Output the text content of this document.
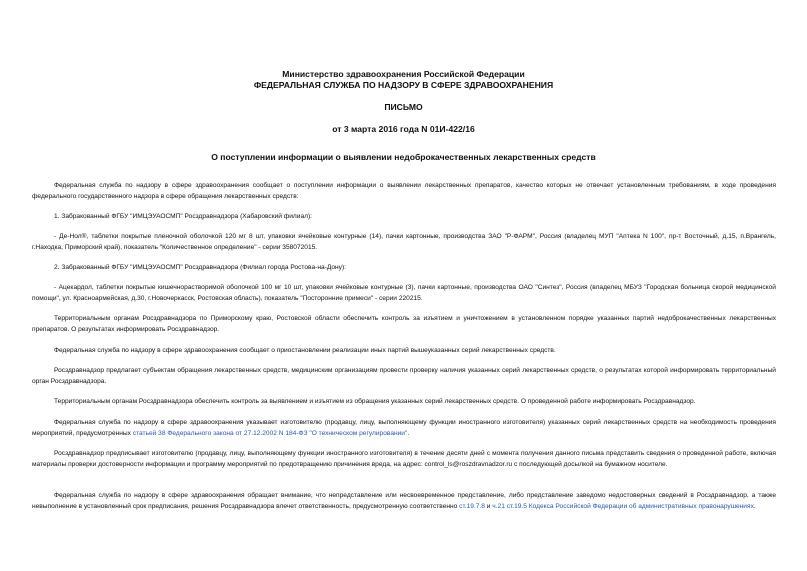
Министерство здравоохранения Российской Федерации
ФЕДЕРАЛЬНАЯ СЛУЖБА ПО НАДЗОРУ В СФЕРЕ ЗДРАВООХРАНЕНИЯ
ПИСЬМО
от 3 марта 2016 года N 01И-422/16
О поступлении информации о выявлении недоброкачественных лекарственных средств

Федеральная служба по надзору в сфере здравоохранения сообщает о поступлении информации о выявлении лекарственных препаратов, качество которых не отвечает установленным требованиям, в ходе проведения федерального государственного надзора в сфере обращения лекарственных средств:

1. Забракованный ФГБУ "ИМЦЭУАОСМП" Росздравнадзора (Хабаровский филиал):

- Де-Нол®, таблетки покрытые пленочной оболочкой 120 мг 8 шт, упаковки ячейковые контурные (14), пачки картонные, производства ЗАО "Р-ФАРМ", Россия (владелец МУП "Аптека N 100", пр-т Восточный, д.15, п.Врангель, г.Находка, Приморский край), показатель "Количественное определение" - серии 358072015.

2. Забракованный ФГБУ "ИМЦЭУАОСМП" Росздравнадзора (Филиал города Ростова-на-Дону):

- Ацекардол, таблетки покрытые кишечнорастворимой оболочкой 100 мг 10 шт, упаковки ячейковые контурные (3), пачки картонные, производства ОАО "Синтез", Россия (владелец МБУЗ "Городская больница скорой медицинской помощи", ул. Красноармейская, д.30, г.Новочеркасск, Ростовская область), показатель "Посторонние примеси" - серии 220215.

Территориальным органам Росздравнадзора по Приморскому краю, Ростовской области обеспечить контроль за изъятием и уничтожением в установленном порядке указанных партий недоброкачественных лекарственных препаратов. О результатах информировать Росздравнадзор.

Федеральная служба по надзору в сфере здравоохранения сообщает о приостановлении реализации иных партий вышеуказанных серий лекарственных средств.

Росздравнадзор предлагает субъектам обращения лекарственных средств, медицинским организациям провести проверку наличия указанных серий лекарственных средств, о результатах которой информировать территориальный орган Росздравнадзора.

Территориальным органам Росздравнадзора обеспечить контроль за выявлением и изъятием из обращения указанных серий лекарственных средств. О проведенной работе информировать Росздравнадзор.

Федеральная служба по надзору в сфере здравоохранения указывает изготовителю (продавцу, лицу, выполняющему функции иностранного изготовителя) указанных серий лекарственных средств на необходимость проведения мероприятий, предусмотренных статьей 38 Федерального закона от 27.12.2002 N 184-ФЗ "О техническом регулировании".

Росздравнадзор предписывает изготовителю (продавцу, лицу, выполняющему функции иностранного изготовителя) в течение десяти дней с момента получения данного письма представить сведения о проведенной работе, включая материалы проверки достоверности информации и программу мероприятий по предотвращению причинения вреда, на адрес: control_ls@roszdravnadzor.ru с последующей досылкой на бумажном носителе.

Федеральная служба по надзору в сфере здравоохранения обращает внимание, что непредставление или несвоевременное представление, либо представление заведомо недостоверных сведений в Росздравнадзор, а также невыполнение в установленный срок предписания, решения Росздравнадзора влечет ответственность, предусмотренную соответственно ст.19.7.8 и ч.21 ст.19.5 Кодекса Российской Федерации об административных правонарушениях.
